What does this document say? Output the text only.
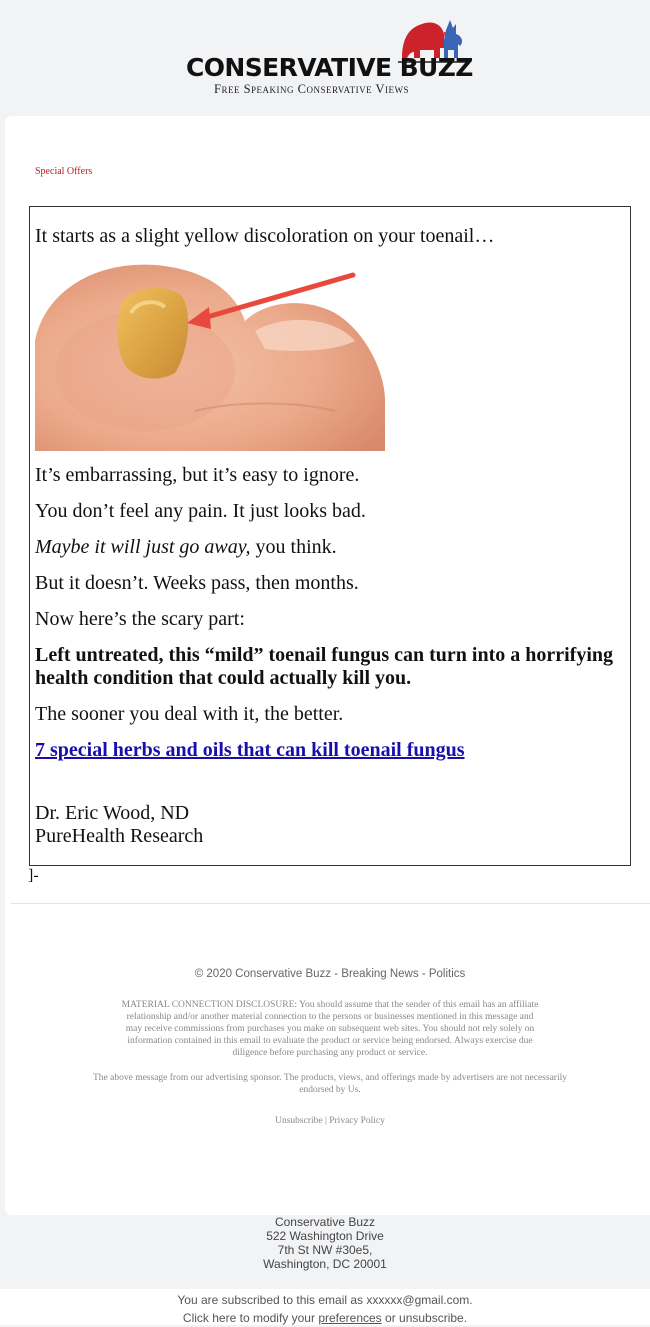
CONSERVATIVE BUZZ
Free Speaking Conservative Views
Special Offers

It starts as a slight yellow discoloration on your toenail…

It’s embarrassing, but it’s easy to ignore.

You don’t feel any pain. It just looks bad.

Maybe it will just go away, you think.

But it doesn’t. Weeks pass, then months.

Now here’s the scary part:

Left untreated, this “mild” toenail fungus can turn into a horrifying health condition that could actually kill you.

The sooner you deal with it, the better.

7 special herbs and oils that can kill toenail fungus

Dr. Eric Wood, ND
PureHealth Research

]-
© 2020 Conservative Buzz - Breaking News - Politics
MATERIAL CONNECTION DISCLOSURE: You should assume that the sender of this email has an affiliate relationship and/or another material connection to the persons or businesses mentioned in this message and may receive commissions from purchases you make on subsequent web sites. You should not rely solely on information contained in this email to evaluate the product or service being endorsed. Always exercise due diligence before purchasing any product or service.
The above message from our advertising sponsor. The products, views, and offerings made by advertisers are not necessarily endorsed by Us.
Unsubscribe | Privacy Policy
Conservative Buzz
522 Washington Drive
7th St NW #30e5,
Washington, DC 20001
You are subscribed to this email as xxxxxx@gmail.com.
Click here to modify your preferences or unsubscribe.
